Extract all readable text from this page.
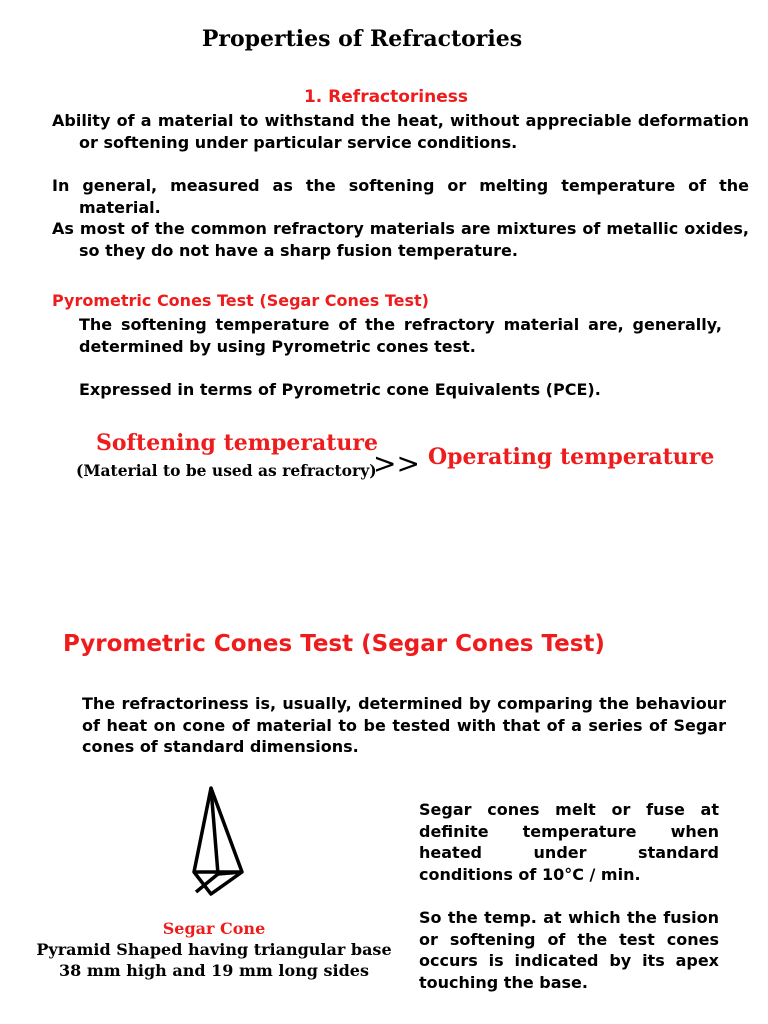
Properties of Refractories
1. Refractoriness

Ability of a material to withstand the heat, without appreciable deformation or softening under particular service conditions.

In general, measured as the softening or melting temperature of the material.

As most of the common refractory materials are mixtures of metallic oxides, so they do not have a sharp fusion temperature.

Pyrometric Cones Test (Segar Cones Test)

The softening temperature of the refractory material are, generally, determined by using Pyrometric cones test.

Expressed in terms of Pyrometric cone Equivalents (PCE).

Softening temperature
(Material to be used as refractory)
>> Operating temperature
Pyrometric Cones Test (Segar Cones Test)

The refractoriness is, usually, determined by comparing the behaviour of heat on cone of material to be tested with that of a series of Segar cones of standard dimensions.

Segar Cone
Pyramid Shaped having triangular base
38 mm high and 19 mm long sides

Segar cones melt or fuse at definite temperature when heated under standard conditions of 10°C / min.

So the temp. at which the fusion or softening of the test cones occurs is indicated by its apex touching the base.
